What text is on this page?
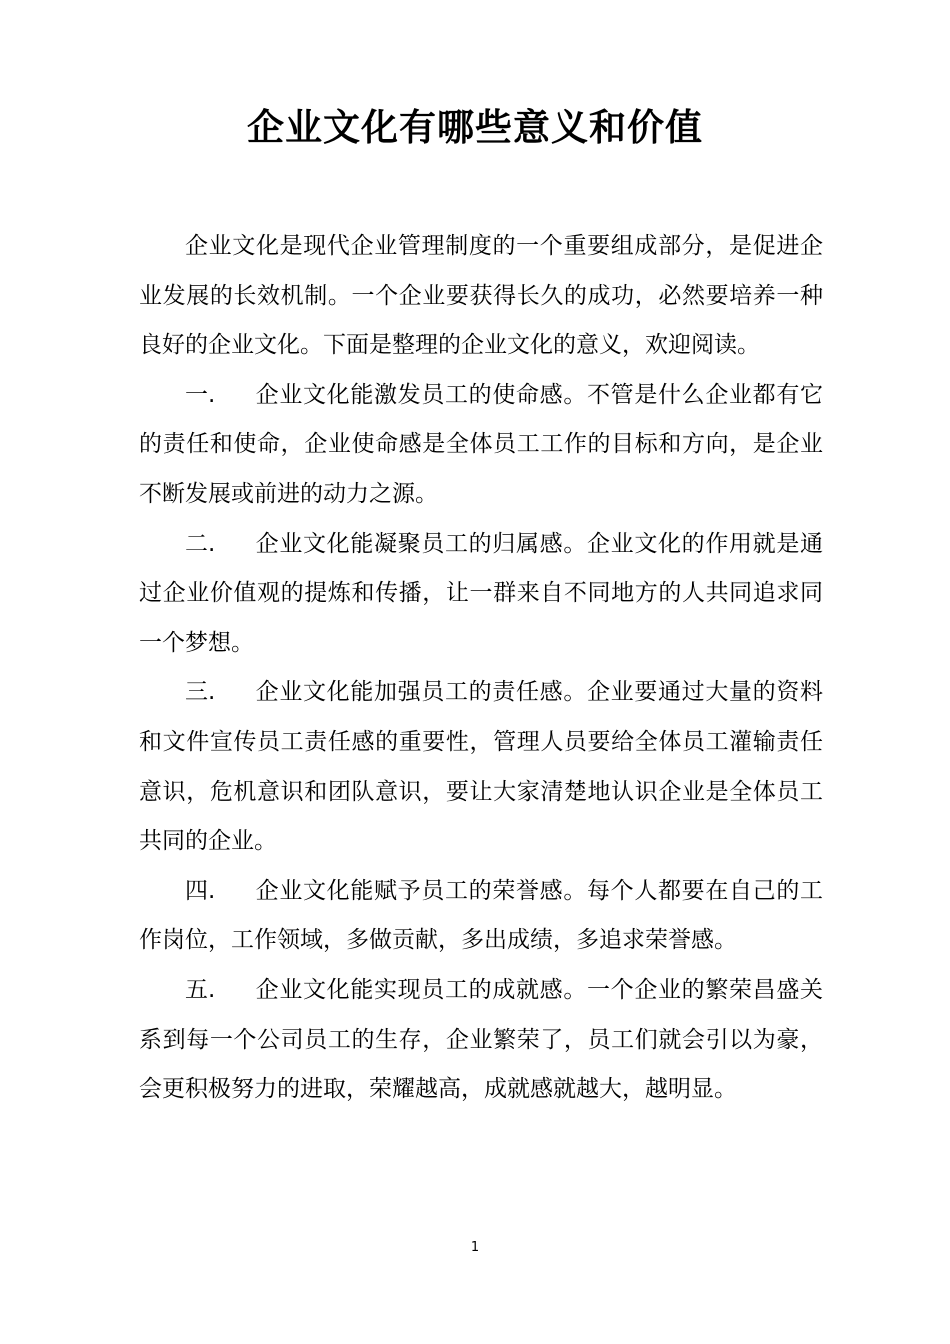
企业文化有哪些意义和价值

企业文化是现代企业管理制度的一个重要组成部分，是促进企业发展的长效机制。一个企业要获得长久的成功，必然要培养一种良好的企业文化。下面是整理的企业文化的意义，欢迎阅读。

一. 企业文化能激发员工的使命感。不管是什么企业都有它的责任和使命，企业使命感是全体员工工作的目标和方向，是企业不断发展或前进的动力之源。

二. 企业文化能凝聚员工的归属感。企业文化的作用就是通过企业价值观的提炼和传播，让一群来自不同地方的人共同追求同一个梦想。

三. 企业文化能加强员工的责任感。企业要通过大量的资料和文件宣传员工责任感的重要性，管理人员要给全体员工灌输责任意识，危机意识和团队意识，要让大家清楚地认识企业是全体员工共同的企业。

四. 企业文化能赋予员工的荣誉感。每个人都要在自己的工作岗位，工作领域，多做贡献，多出成绩，多追求荣誉感。

五. 企业文化能实现员工的成就感。一个企业的繁荣昌盛关系到每一个公司员工的生存，企业繁荣了，员工们就会引以为豪，会更积极努力的进取，荣耀越高，成就感就越大，越明显。

1
